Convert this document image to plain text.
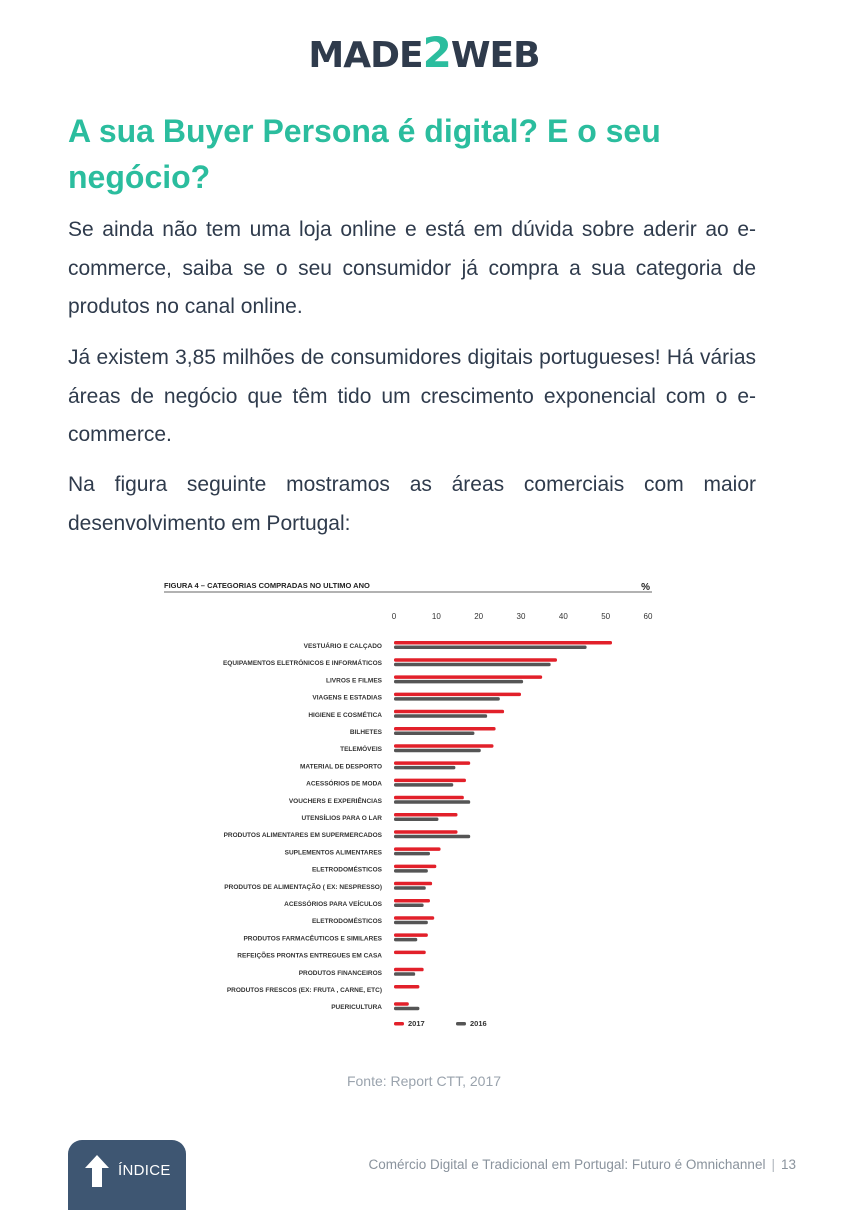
MADE2WEB
A sua Buyer Persona é digital? E o seu negócio?

Se ainda não tem uma loja online e está em dúvida sobre aderir ao e-commerce, saiba se o seu consumidor já compra a sua categoria de produtos no canal online.

Já existem 3,85 milhões de consumidores digitais portugueses! Há várias áreas de negócio que têm tido um crescimento exponencial com o e-commerce.

Na figura seguinte mostramos as áreas comerciais com maior desenvolvimento em Portugal:

FIGURA 4 – CATEGORIAS COMPRADAS NO ULTIMO ANO	%
0	10	20	30	40	50	60
VESTUÁRIO E CALÇADO
EQUIPAMENTOS ELETRÓNICOS E INFORMÁTICOS
LIVROS E FILMES
VIAGENS E ESTADIAS
HIGIENE E COSMÉTICA
BILHETES
TELEMÓVEIS
MATERIAL DE DESPORTO
ACESSÓRIOS DE MODA
VOUCHERS E EXPERIÊNCIAS
UTENSÍLIOS PARA O LAR
PRODUTOS ALIMENTARES EM SUPERMERCADOS
SUPLEMENTOS ALIMENTARES
ELETRODOMÉSTICOS
PRODUTOS DE ALIMENTAÇÃO ( EX: NESPRESSO)
ACESSÓRIOS PARA VEÍCULOS
ELETRODOMÉSTICOS
PRODUTOS FARMACÊUTICOS E SIMILARES
REFEIÇÕES PRONTAS ENTREGUES EM CASA
PRODUTOS FINANCEIROS
PRODUTOS FRESCOS (EX: FRUTA , CARNE, ETC)
PUERICULTURA
2017	2016
Fonte: Report CTT, 2017
ÍNDICE	Comércio Digital e Tradicional em Portugal: Futuro é Omnichannel | 13
